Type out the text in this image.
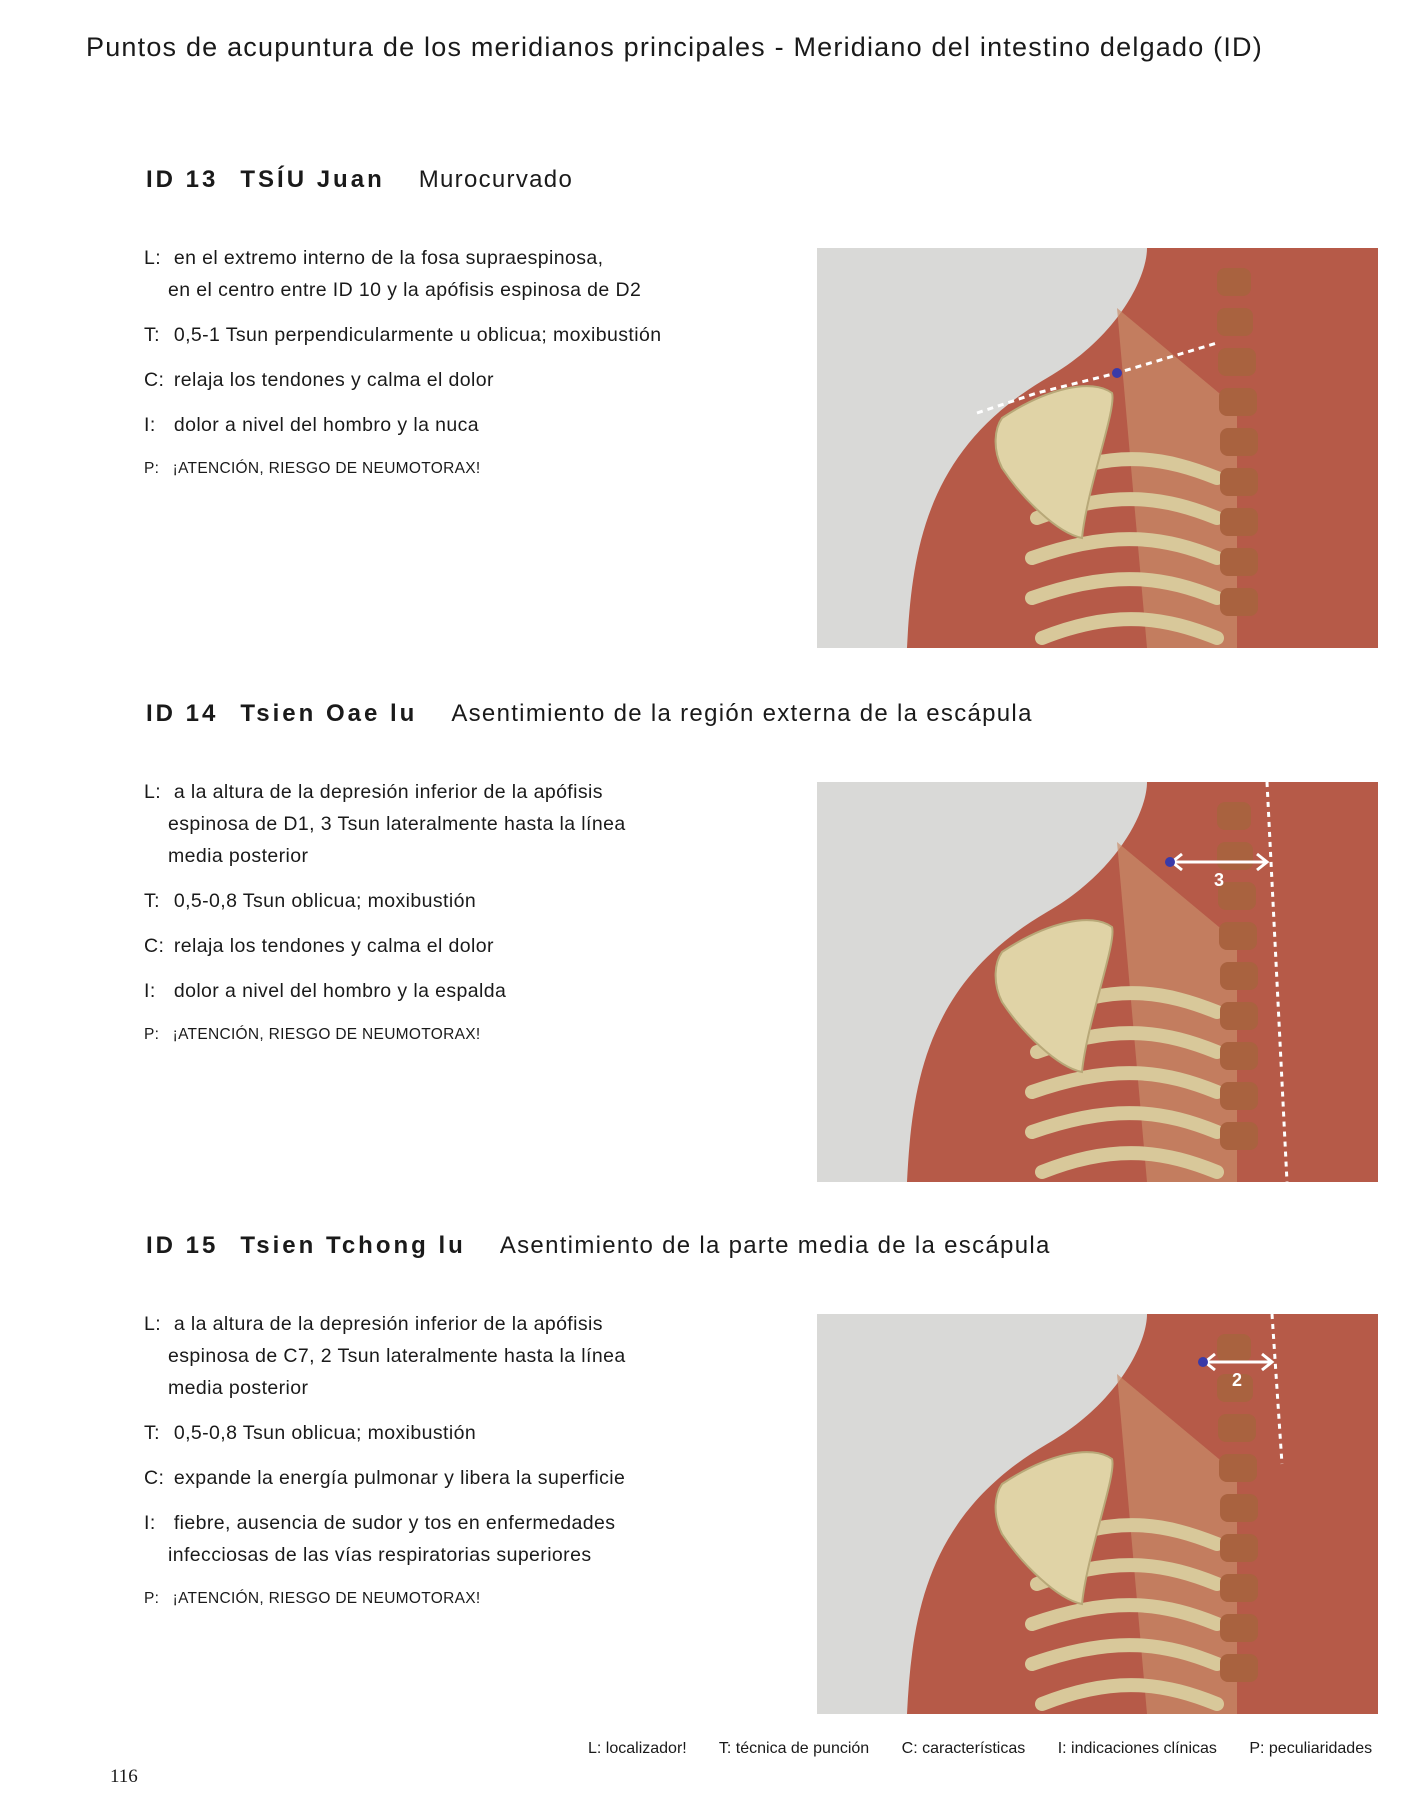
Puntos de acupuntura de los meridianos principales - Meridiano del intestino delgado (ID)
ID 13 TSÍU Juan Murocurvado
L: en el extremo interno de la fosa supraespinosa,
en el centro entre ID 10 y la apófisis espinosa de D2
T: 0,5-1 Tsun perpendicularmente u oblicua; moxibustión
C: relaja los tendones y calma el dolor
I: dolor a nivel del hombro y la nuca
P: ¡ATENCIÓN, RIESGO DE NEUMOTORAX!
ID 14 Tsien Oae lu Asentimiento de la región externa de la escápula
L: a la altura de la depresión inferior de la apófisis
espinosa de D1, 3 Tsun lateralmente hasta la línea
media posterior
T: 0,5-0,8 Tsun oblicua; moxibustión
C: relaja los tendones y calma el dolor
I: dolor a nivel del hombro y la espalda
P: ¡ATENCIÓN, RIESGO DE NEUMOTORAX!
3
ID 15 Tsien Tchong lu Asentimiento de la parte media de la escápula
L: a la altura de la depresión inferior de la apófisis
espinosa de C7, 2 Tsun lateralmente hasta la línea
media posterior
T: 0,5-0,8 Tsun oblicua; moxibustión
C: expande la energía pulmonar y libera la superficie
I: fiebre, ausencia de sudor y tos en enfermedades
infecciosas de las vías respiratorias superiores
P: ¡ATENCIÓN, RIESGO DE NEUMOTORAX!
2
L: localizador! T: técnica de punción C: características I: indicaciones clínicas P: peculiaridades
116
